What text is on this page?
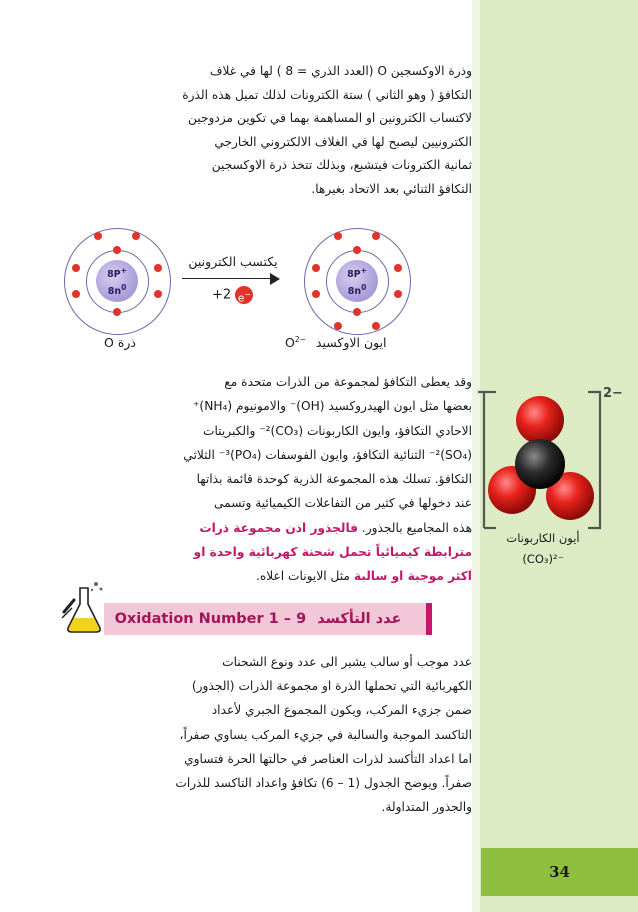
وذرة الاوكسجين O (العدد الذري = 8 ) لها في غلاف

التكافؤ ( وهو الثاني ) ستة الكترونات لذلك تميل هذه الذرة

لاكتساب الكترونين او المساهمة بهما في تكوين مزدوجين

الكترونيين ليصبح لها في الغلاف الالكتروني الخارجي

ثمانية الكترونات فيتشبع، وبذلك تتخذ ذرة الاوكسجين

التكافؤ الثنائي بعد الاتحاد بغيرها.

8P+
$8n^0$
يكتسب الكترونين
+2 e−
8P+
$8n^0$
ذرة O	$O^{2-}$ ايون الاوكسيد

وقد يعطى التكافؤ لمجموعة من الذرات متحدة مع

بعضها مثل ايون الهيدروكسيد (OH)⁻ والامونيوم (NH₄)⁺

الاحادي التكافؤ، وايون الكاربونات (CO₃)²⁻ والكبريتات

(SO₄)²⁻ الثنائية التكافؤ، وايون الفوسفات (PO₄)³⁻ الثلاثي

التكافؤ. تسلك هذه المجموعة الذرية كوحدة قائمة بذاتها

عند دخولها في كثير من التفاعلات الكيميائية وتسمى

هذه المجاميع بالجذور. فالجذور اذن مجموعة ذرات

مترابطة كيميائياً تحمل شحنة كهربائية واحدة او

اكثر موجبة او سالبة مثل الايونات اعلاه.

2−
أيون الكاربونات
(CO₃)²⁻
Oxidation Number	عدد التأكسد 9 – 1

عدد موجب أو سالب يشير الى عدد ونوع الشحنات

الكهربائية التي تحملها الذرة او مجموعة الذرات (الجذور)

ضمن جزيء المركب، ويكون المجموع الجبري لأعداد

التاكسد الموجبة والسالبة في جزيء المركب يساوي صفراً،

اما اعداد التأكسد لذرات العناصر في حالتها الحرة فتساوي

صفراً. ويوضح الجدول (1 – 6) تكافؤ واعداد التاكسد للذرات

والجذور المتداولة.

34
